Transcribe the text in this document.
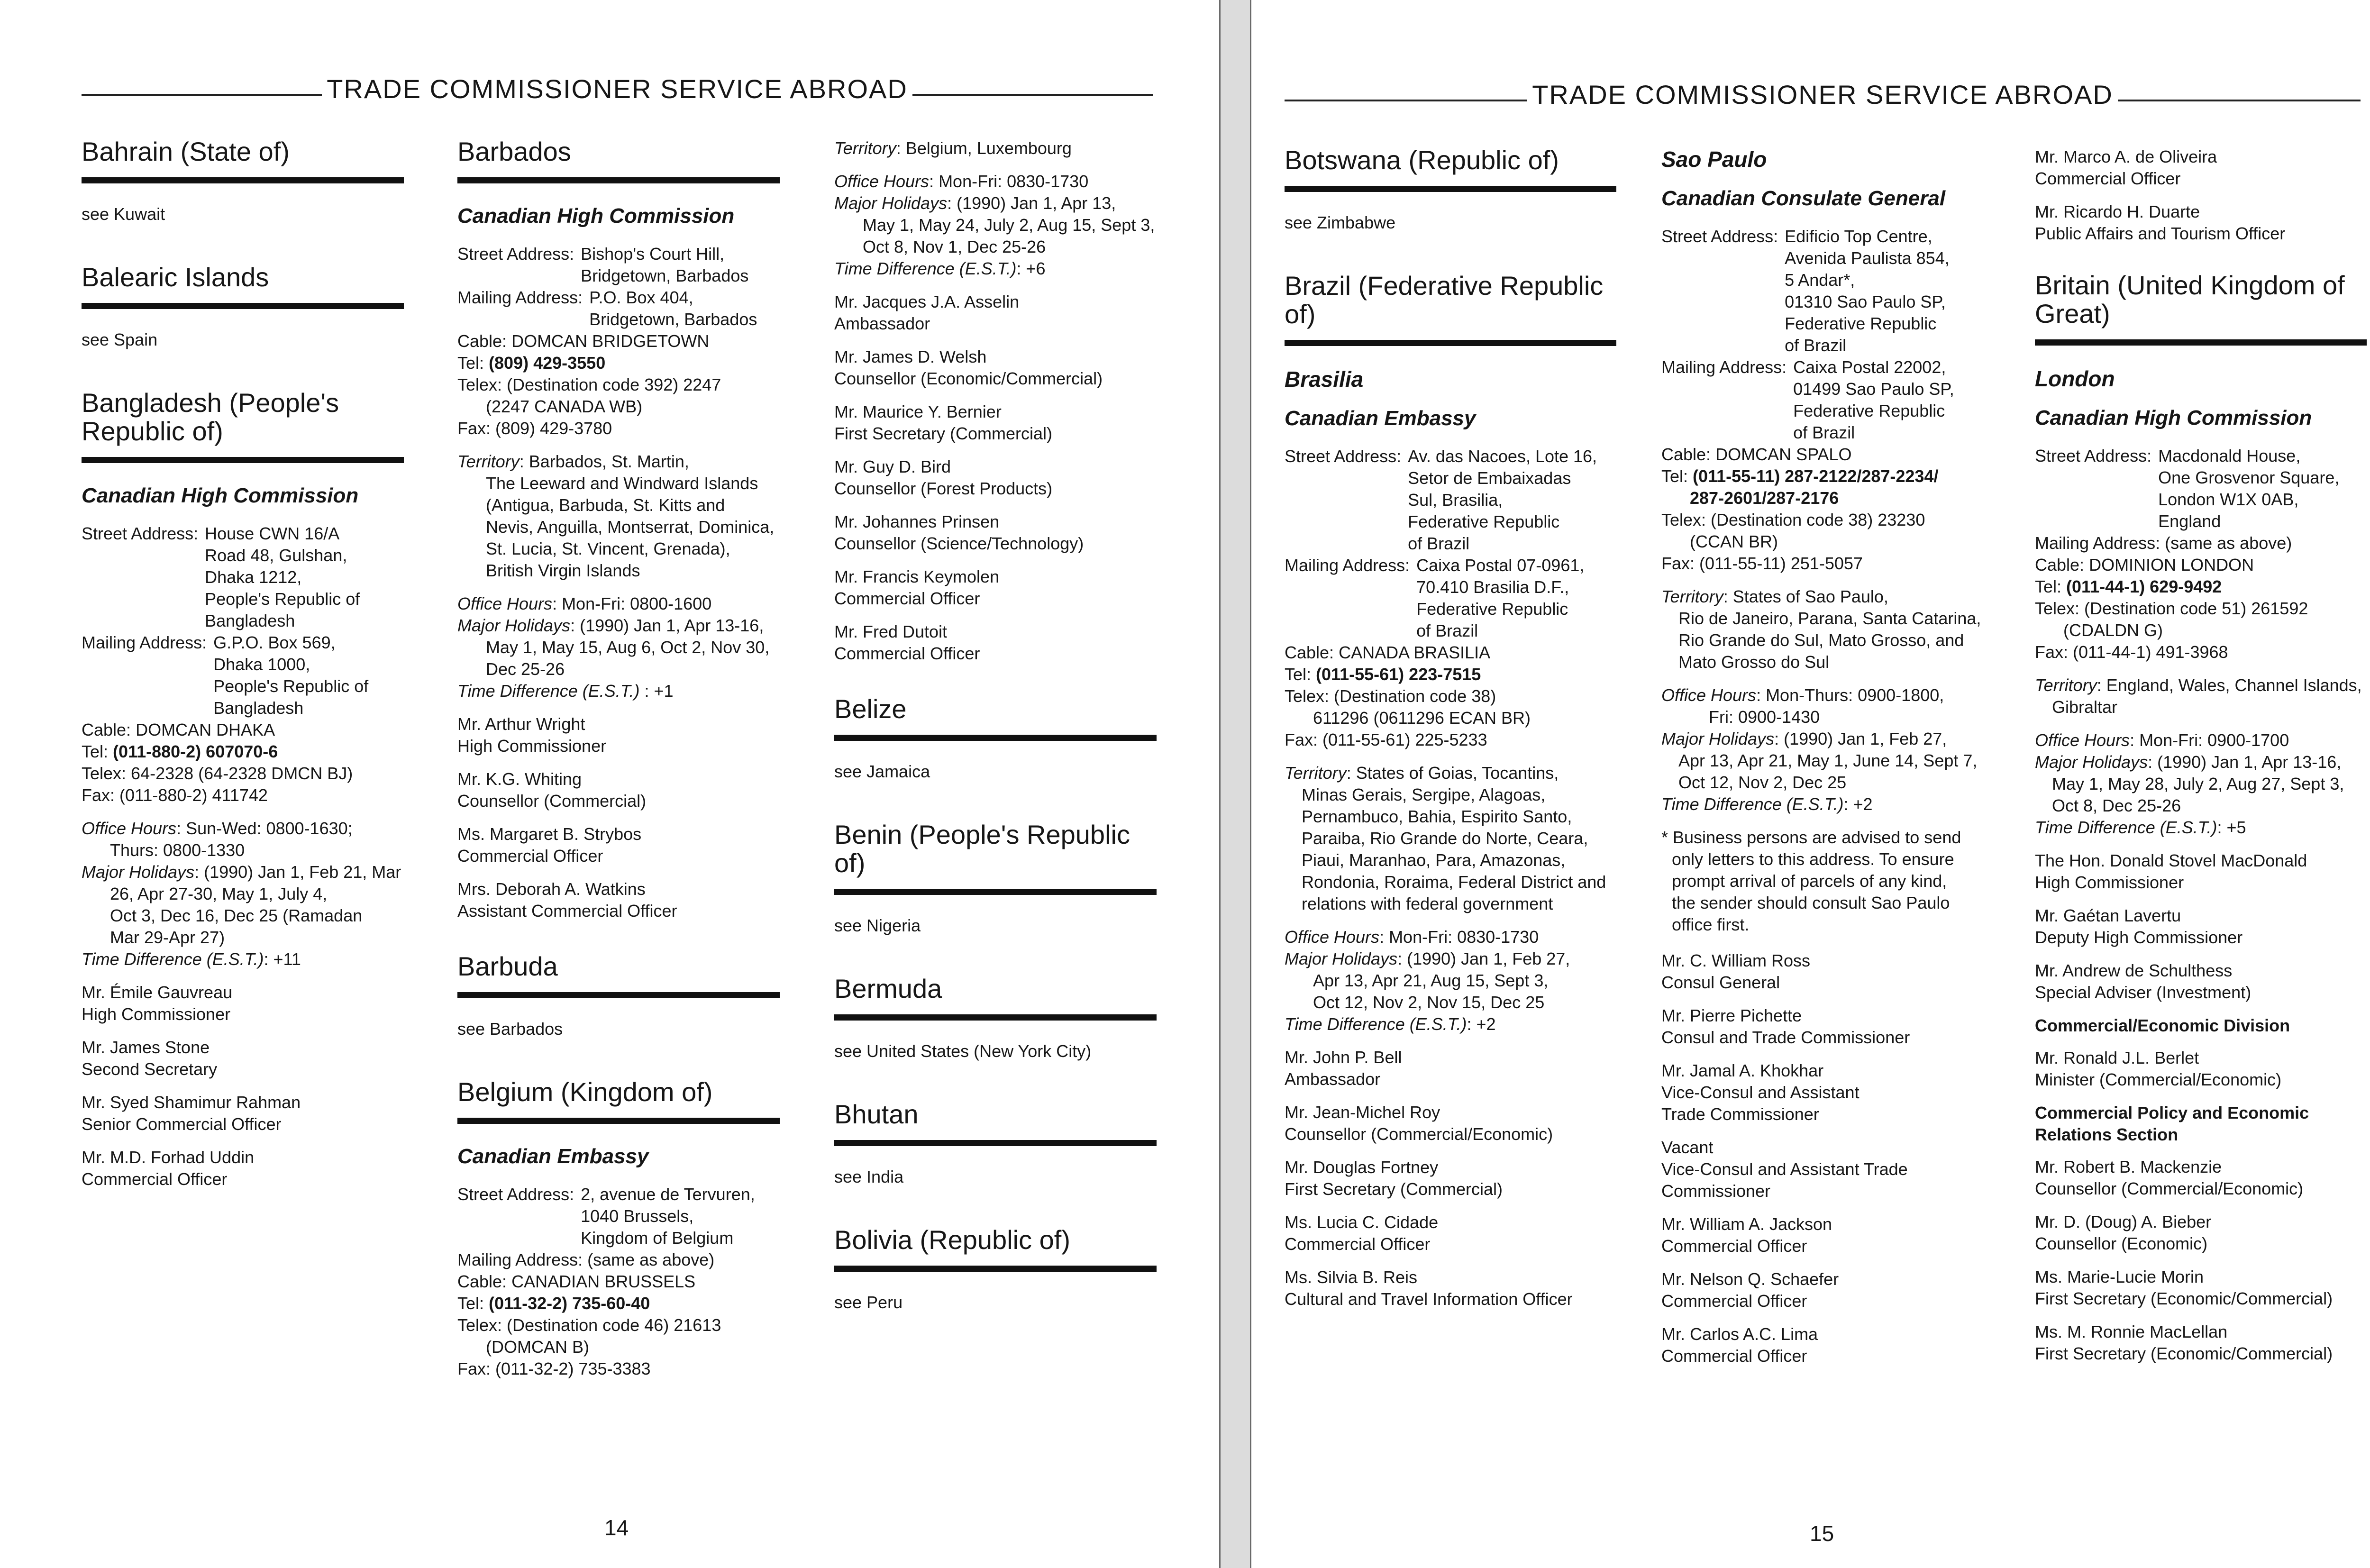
TRADE COMMISSIONER SERVICE ABROAD
Bahrain (State of)
see Kuwait
Balearic Islands
see Spain
Bangladesh (People's Republic of)
Canadian High Commission
Street Address: House CWN 16/A
Road 48, Gulshan,
Dhaka 1212,
People's Republic of
Bangladesh
Mailing Address: G.P.O. Box 569,
Dhaka 1000,
People's Republic of
Bangladesh
Cable: DOMCAN DHAKA
Tel: (011-880-2) 607070-6
Telex: 64-2328 (64-2328 DMCN BJ)
Fax: (011-880-2) 411742
Office Hours: Sun-Wed: 0800-1630;
Thurs: 0800-1330
Major Holidays: (1990) Jan 1, Feb 21, Mar
26, Apr 27-30, May 1, July 4,
Oct 3, Dec 16, Dec 25 (Ramadan
Mar 29-Apr 27)
Time Difference (E.S.T.): +11
Mr. Émile Gauvreau
High Commissioner
Mr. James Stone
Second Secretary
Mr. Syed Shamimur Rahman
Senior Commercial Officer
Mr. M.D. Forhad Uddin
Commercial Officer
Barbados
Canadian High Commission
Street Address: Bishop's Court Hill,
Bridgetown, Barbados
Mailing Address: P.O. Box 404,
Bridgetown, Barbados
Cable: DOMCAN BRIDGETOWN
Tel: (809) 429-3550
Telex: (Destination code 392) 2247
(2247 CANADA WB)
Fax: (809) 429-3780
Territory: Barbados, St. Martin,
The Leeward and Windward Islands
(Antigua, Barbuda, St. Kitts and
Nevis, Anguilla, Montserrat, Dominica,
St. Lucia, St. Vincent, Grenada),
British Virgin Islands
Office Hours: Mon-Fri: 0800-1600
Major Holidays: (1990) Jan 1, Apr 13-16,
May 1, May 15, Aug 6, Oct 2, Nov 30,
Dec 25-26
Time Difference (E.S.T.) : +1
Mr. Arthur Wright
High Commissioner
Mr. K.G. Whiting
Counsellor (Commercial)
Ms. Margaret B. Strybos
Commercial Officer
Mrs. Deborah A. Watkins
Assistant Commercial Officer
Barbuda
see Barbados
Belgium (Kingdom of)
Canadian Embassy
Street Address: 2, avenue de Tervuren,
1040 Brussels,
Kingdom of Belgium
Mailing Address: (same as above)
Cable: CANADIAN BRUSSELS
Tel: (011-32-2) 735-60-40
Telex: (Destination code 46) 21613
(DOMCAN B)
Fax: (011-32-2) 735-3383
Territory: Belgium, Luxembourg
Office Hours: Mon-Fri: 0830-1730
Major Holidays: (1990) Jan 1, Apr 13,
May 1, May 24, July 2, Aug 15, Sept 3,
Oct 8, Nov 1, Dec 25-26
Time Difference (E.S.T.): +6
Mr. Jacques J.A. Asselin
Ambassador
Mr. James D. Welsh
Counsellor (Economic/Commercial)
Mr. Maurice Y. Bernier
First Secretary (Commercial)
Mr. Guy D. Bird
Counsellor (Forest Products)
Mr. Johannes Prinsen
Counsellor (Science/Technology)
Mr. Francis Keymolen
Commercial Officer
Mr. Fred Dutoit
Commercial Officer
Belize
see Jamaica
Benin (People's Republic of)
see Nigeria
Bermuda
see United States (New York City)
Bhutan
see India
Bolivia (Republic of)
see Peru
14
TRADE COMMISSIONER SERVICE ABROAD
Botswana (Republic of)
see Zimbabwe
Brazil (Federative Republic of)
Brasilia
Canadian Embassy
Street Address: Av. das Nacoes, Lote 16,
Setor de Embaixadas
Sul, Brasilia,
Federative Republic
of Brazil
Mailing Address: Caixa Postal 07-0961,
70.410 Brasilia D.F.,
Federative Republic
of Brazil
Cable: CANADA BRASILIA
Tel: (011-55-61) 223-7515
Telex: (Destination code 38)
611296 (0611296 ECAN BR)
Fax: (011-55-61) 225-5233
Territory: States of Goias, Tocantins,
Minas Gerais, Sergipe, Alagoas,
Pernambuco, Bahia, Espirito Santo,
Paraiba, Rio Grande do Norte, Ceara,
Piaui, Maranhao, Para, Amazonas,
Rondonia, Roraima, Federal District and
relations with federal government
Office Hours: Mon-Fri: 0830-1730
Major Holidays: (1990) Jan 1, Feb 27,
Apr 13, Apr 21, Aug 15, Sept 3,
Oct 12, Nov 2, Nov 15, Dec 25
Time Difference (E.S.T.): +2
Mr. John P. Bell
Ambassador
Mr. Jean-Michel Roy
Counsellor (Commercial/Economic)
Mr. Douglas Fortney
First Secretary (Commercial)
Ms. Lucia C. Cidade
Commercial Officer
Ms. Silvia B. Reis
Cultural and Travel Information Officer
Sao Paulo
Canadian Consulate General
Street Address: Edificio Top Centre,
Avenida Paulista 854,
5 Andar*,
01310 Sao Paulo SP,
Federative Republic
of Brazil
Mailing Address: Caixa Postal 22002,
01499 Sao Paulo SP,
Federative Republic
of Brazil
Cable: DOMCAN SPALO
Tel: (011-55-11) 287-2122/287-2234/
287-2601/287-2176
Telex: (Destination code 38) 23230
(CCAN BR)
Fax: (011-55-11) 251-5057
Territory: States of Sao Paulo,
Rio de Janeiro, Parana, Santa Catarina,
Rio Grande do Sul, Mato Grosso, and
Mato Grosso do Sul
Office Hours: Mon-Thurs: 0900-1800,
Fri: 0900-1430
Major Holidays: (1990) Jan 1, Feb 27,
Apr 13, Apr 21, May 1, June 14, Sept 7,
Oct 12, Nov 2, Dec 25
Time Difference (E.S.T.): +2
* Business persons are advised to send
only letters to this address. To ensure
prompt arrival of parcels of any kind,
the sender should consult Sao Paulo
office first.
Mr. C. William Ross
Consul General
Mr. Pierre Pichette
Consul and Trade Commissioner
Mr. Jamal A. Khokhar
Vice-Consul and Assistant
Trade Commissioner
Vacant
Vice-Consul and Assistant Trade
Commissioner
Mr. William A. Jackson
Commercial Officer
Mr. Nelson Q. Schaefer
Commercial Officer
Mr. Carlos A.C. Lima
Commercial Officer
Mr. Marco A. de Oliveira
Commercial Officer
Mr. Ricardo H. Duarte
Public Affairs and Tourism Officer
Britain (United Kingdom of Great)
London
Canadian High Commission
Street Address: Macdonald House,
One Grosvenor Square,
London W1X 0AB,
England
Mailing Address: (same as above)
Cable: DOMINION LONDON
Tel: (011-44-1) 629-9492
Telex: (Destination code 51) 261592
(CDALDN G)
Fax: (011-44-1) 491-3968
Territory: England, Wales, Channel Islands,
Gibraltar
Office Hours: Mon-Fri: 0900-1700
Major Holidays: (1990) Jan 1, Apr 13-16,
May 1, May 28, July 2, Aug 27, Sept 3,
Oct 8, Dec 25-26
Time Difference (E.S.T.): +5
The Hon. Donald Stovel MacDonald
High Commissioner
Mr. Gaétan Lavertu
Deputy High Commissioner
Mr. Andrew de Schulthess
Special Adviser (Investment)
Commercial/Economic Division
Mr. Ronald J.L. Berlet
Minister (Commercial/Economic)
Commercial Policy and Economic
Relations Section
Mr. Robert B. Mackenzie
Counsellor (Commercial/Economic)
Mr. D. (Doug) A. Bieber
Counsellor (Economic)
Ms. Marie-Lucie Morin
First Secretary (Economic/Commercial)
Ms. M. Ronnie MacLellan
First Secretary (Economic/Commercial)
15
